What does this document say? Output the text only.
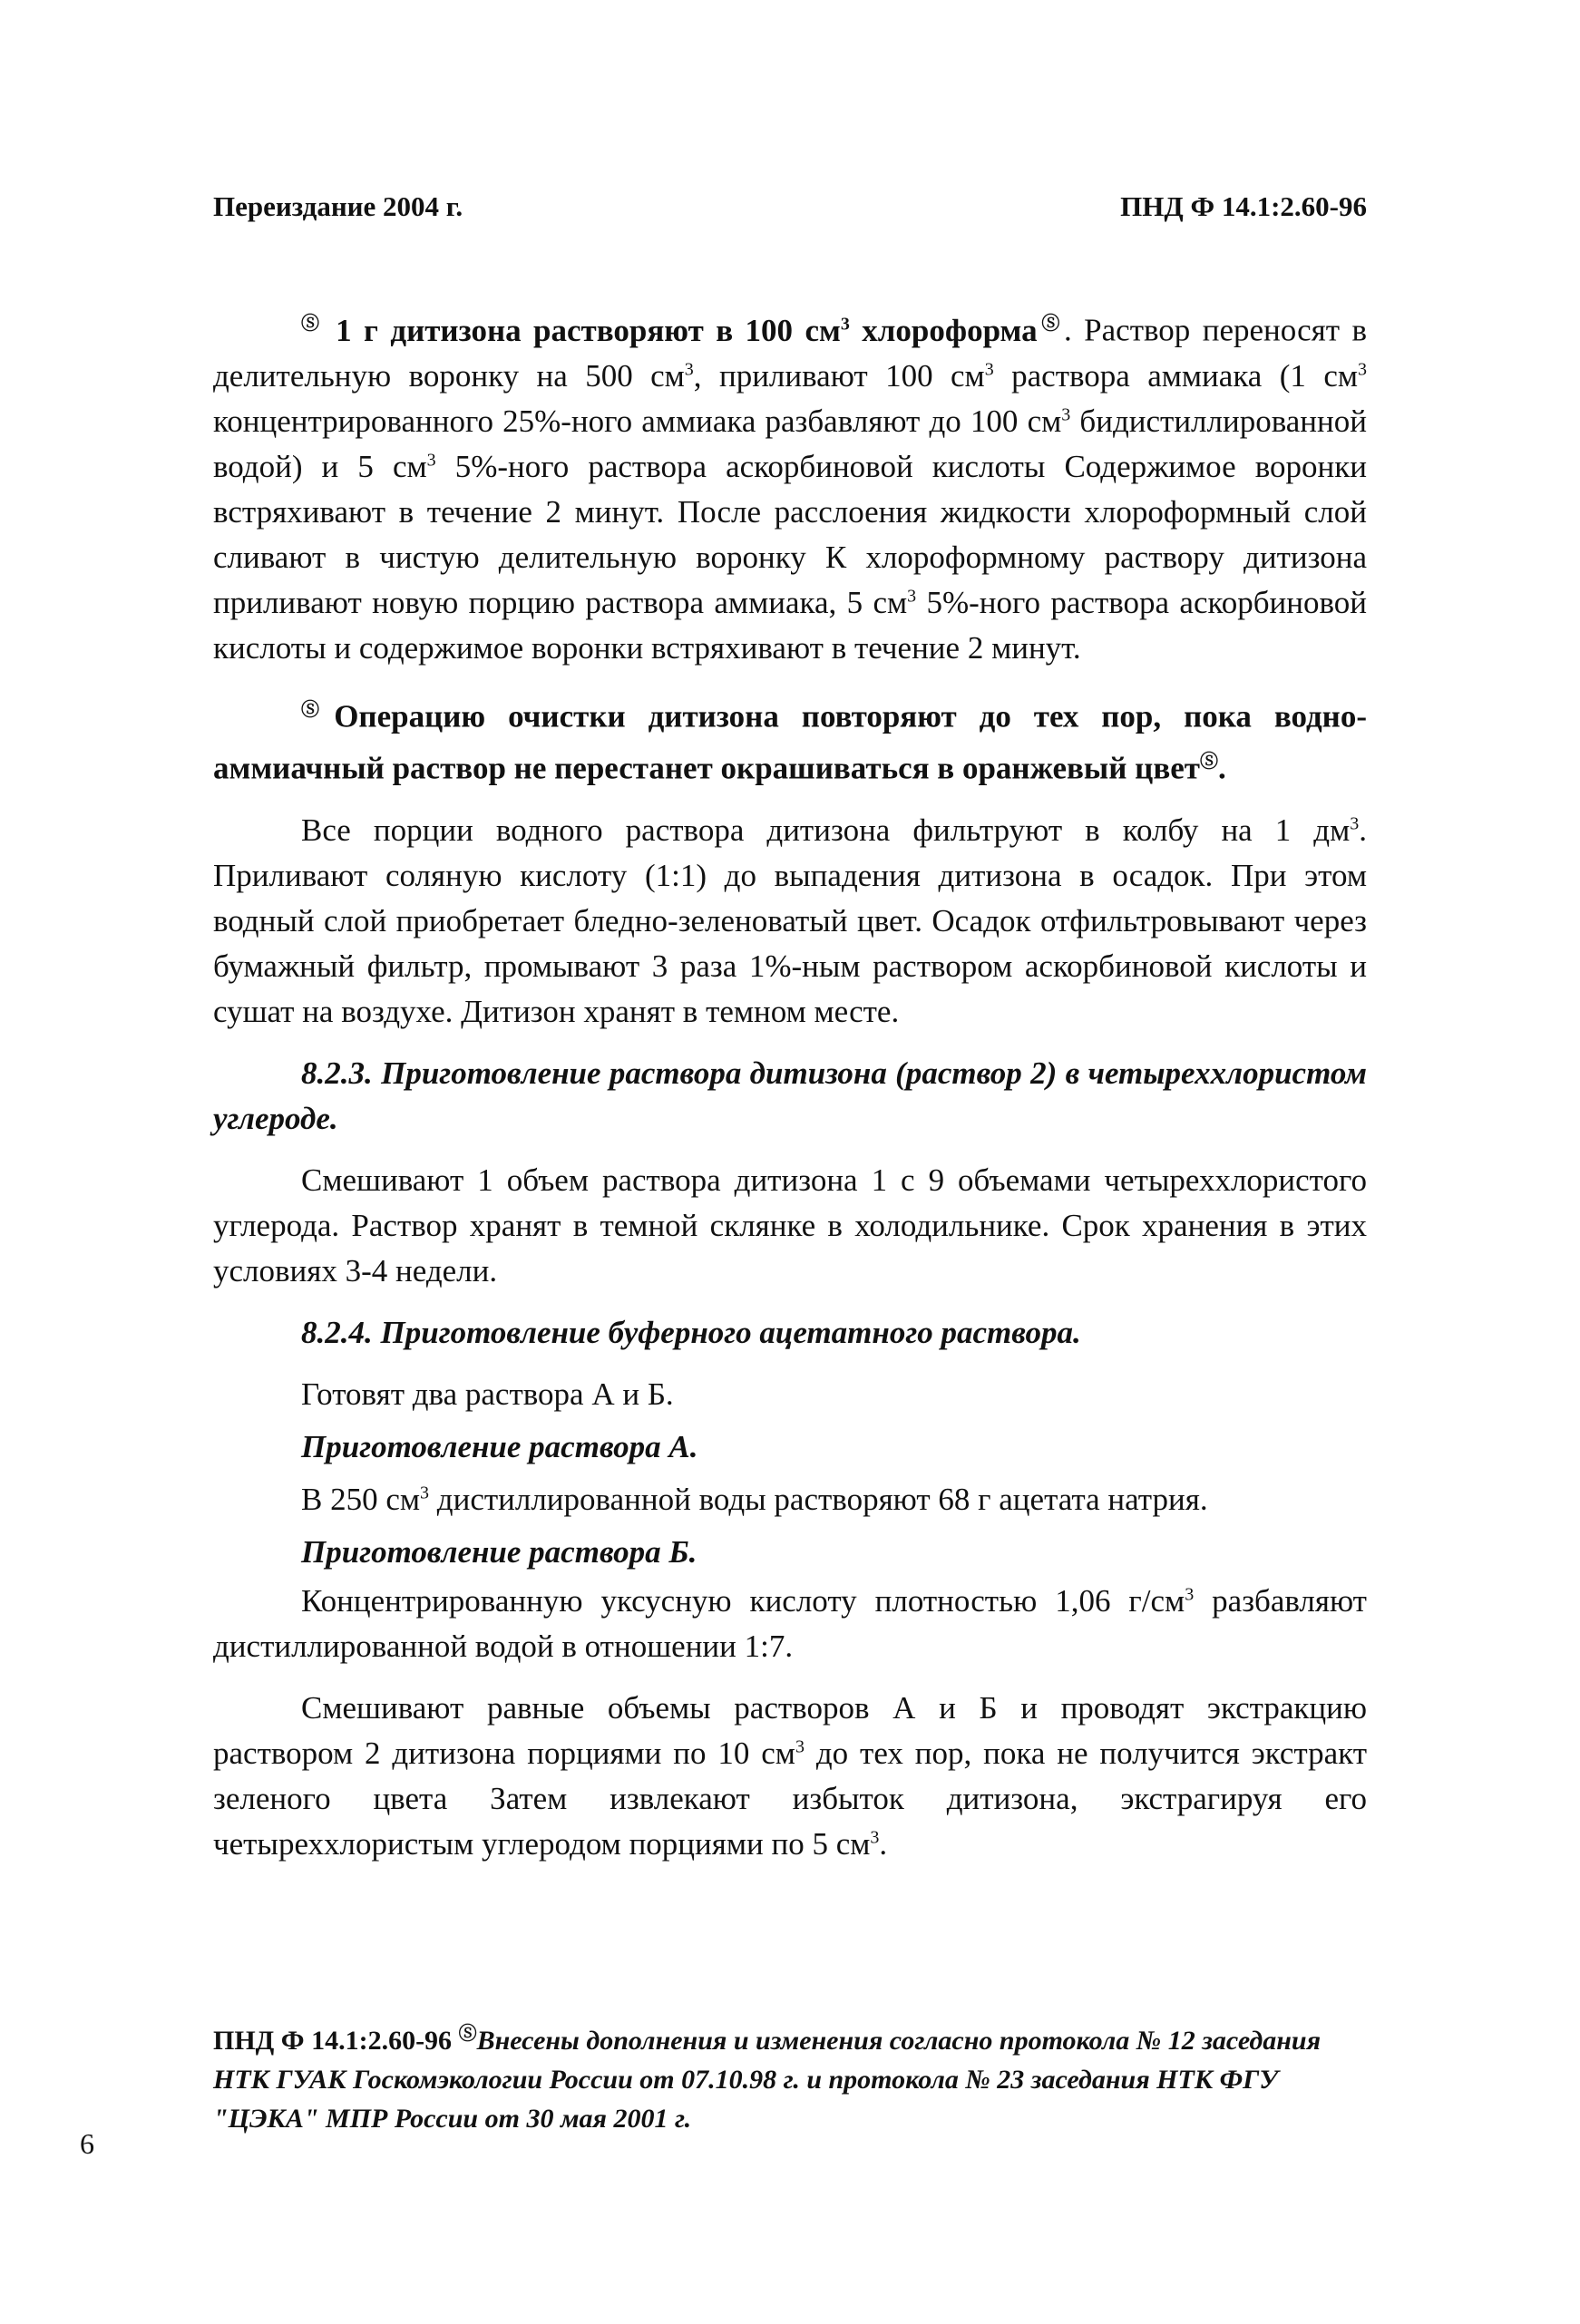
Переиздание 2004 г.	ПНД Ф 14.1:2.60-96

Ⓢ 1 г дитизона растворяют в 100 $см^3$ хлороформаⓈ. Раствор переносят в делительную воронку на 500 $см^3$, приливают 100 $см^3$ раствора аммиака (1 $см^3$ концентрированного 25%-ного аммиака разбавляют до 100 $см^3$ бидистиллированной водой) и 5 $см^3$ 5%-ного раствора аскорбиновой кислоты Содержимое воронки встряхивают в течение 2 минут. После расслоения жидкости хлороформный слой сливают в чистую делительную воронку К хлороформному раствору дитизона приливают новую порцию раствора аммиака, 5 $см^3$ 5%-ного раствора аскорбиновой кислоты и содержимое воронки встряхивают в течение 2 минут.

ⓈОперацию очистки дитизона повторяют до тех пор, пока водно-аммиачный раствор не перестанет окрашиваться в оранжевый цветⓈ.

Все порции водного раствора дитизона фильтруют в колбу на 1 $дм^3$. Приливают соляную кислоту (1:1) до выпадения дитизона в осадок. При этом водный слой приобретает бледно-зеленоватый цвет. Осадок отфильтровывают через бумажный фильтр, промывают 3 раза 1%-ным раствором аскорбиновой кислоты и сушат на воздухе. Дитизон хранят в темном месте.

8.2.3. Приготовление раствора дитизона (раствор 2) в четыреххлористом углероде.

Смешивают 1 объем раствора дитизона 1 с 9 объемами четыреххлористого углерода. Раствор хранят в темной склянке в холодильнике. Срок хранения в этих условиях 3-4 недели.

8.2.4. Приготовление буферного ацетатного раствора.

Готовят два раствора А и Б.

Приготовление раствора А.

В 250 $см^3$ дистиллированной воды растворяют 68 г ацетата натрия.

Приготовление раствора Б.

Концентрированную уксусную кислоту плотностью 1,06 $г/см^3$ разбавляют дистиллированной водой в отношении 1:7.

Смешивают равные объемы растворов А и Б и проводят экстракцию раствором 2 дитизона порциями по 10 $см^3$ до тех пор, пока не получится экстракт зеленого цвета Затем извлекают избыток дитизона, экстрагируя его четыреххлористым углеродом порциями по 5 $см^3$.

ПНД Ф 14.1:2.60-96 ⓈВнесены дополнения и изменения согласно протокола № 12 заседания НТК ГУАК Госкомэкологии России от 07.10.98 г. и протокола № 23 заседания НТК ФГУ "ЦЭКА" МПР России от 30 мая 2001 г.
6
